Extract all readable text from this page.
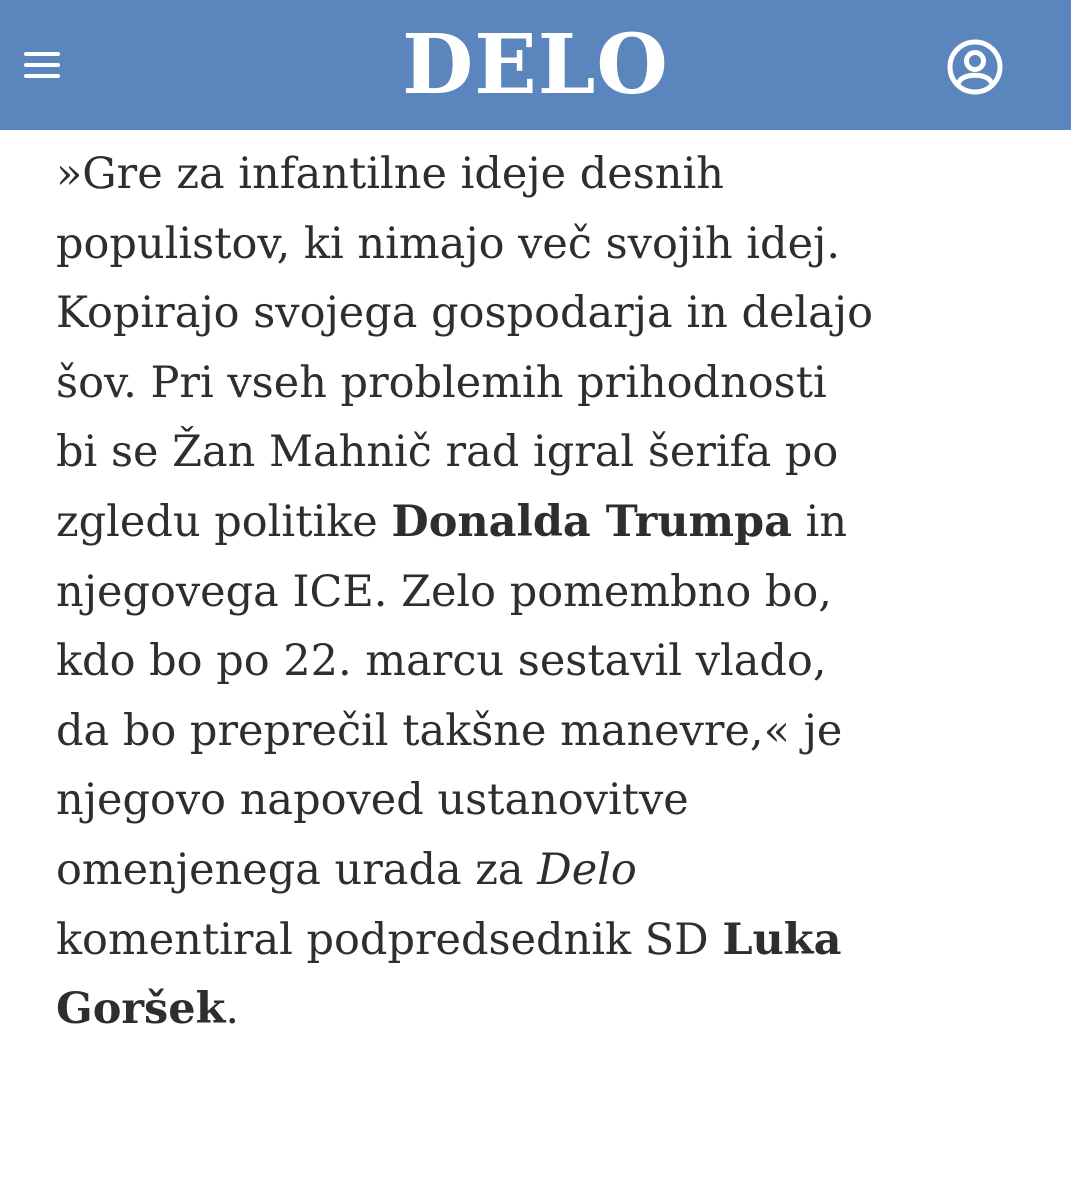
DELO

»Gre za infantilne ideje desnih
populistov, ki nimajo več svojih idej.
Kopirajo svojega gospodarja in delajo
šov. Pri vseh problemih prihodnosti
bi se Žan Mahnič rad igral šerifa po
zgledu politike Donalda Trumpa in
njegovega ICE. Zelo pomembno bo,
kdo bo po 22. marcu sestavil vlado,
da bo preprečil takšne manevre,« je
njegovo napoved ustanovitve
omenjenega urada za Delo
komentiral podpredsednik SD Luka
Goršek.
